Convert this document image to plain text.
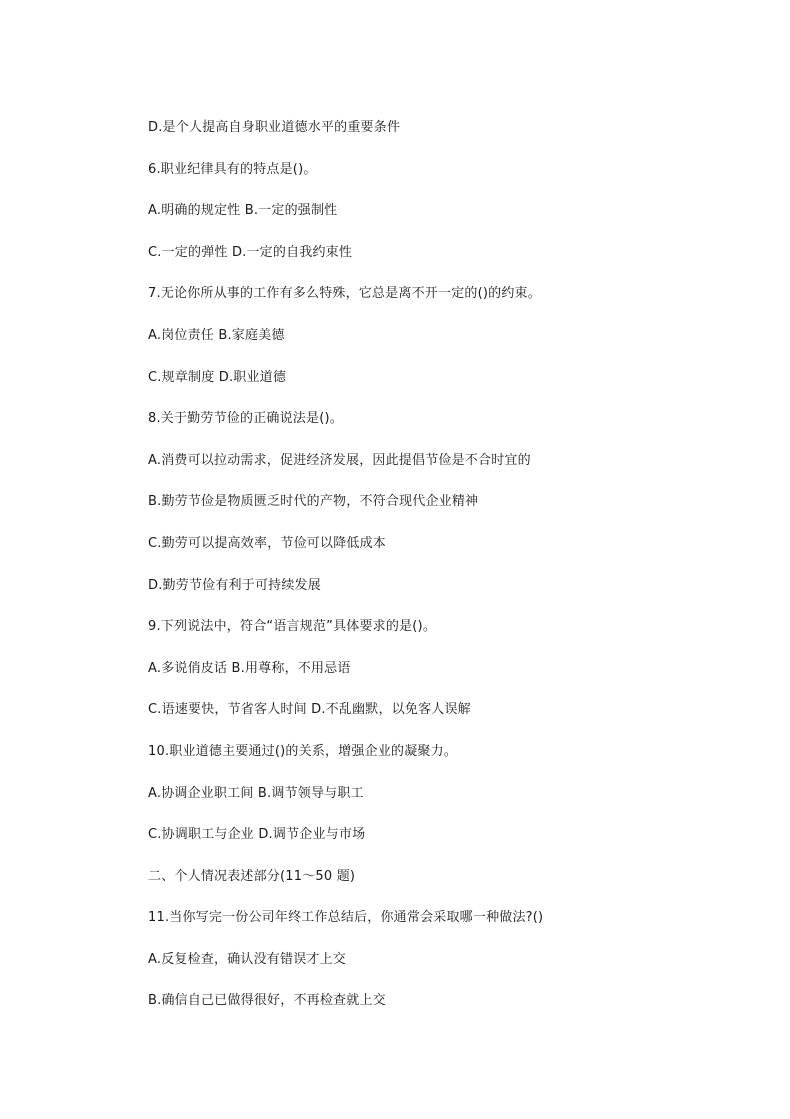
D.是个人提高自身职业道德水平的重要条件
6.职业纪律具有的特点是()。
A.明确的规定性 B.一定的强制性
C.一定的弹性 D.一定的自我约束性
7.无论你所从事的工作有多么特殊，它总是离不开一定的()的约束。
A.岗位责任 B.家庭美德
C.规章制度 D.职业道德
8.关于勤劳节俭的正确说法是()。
A.消费可以拉动需求，促进经济发展，因此提倡节俭是不合时宜的
B.勤劳节俭是物质匮乏时代的产物，不符合现代企业精神
C.勤劳可以提高效率，节俭可以降低成本
D.勤劳节俭有利于可持续发展
9.下列说法中，符合“语言规范”具体要求的是()。
A.多说俏皮话 B.用尊称，不用忌语
C.语速要快，节省客人时间 D.不乱幽默，以免客人误解
10.职业道德主要通过()的关系，增强企业的凝聚力。
A.协调企业职工间 B.调节领导与职工
C.协调职工与企业 D.调节企业与市场
二、个人情况表述部分(11～50 题)
11.当你写完一份公司年终工作总结后，你通常会采取哪一种做法?()
A.反复检查，确认没有错误才上交
B.确信自己已做得很好，不再检查就上交
